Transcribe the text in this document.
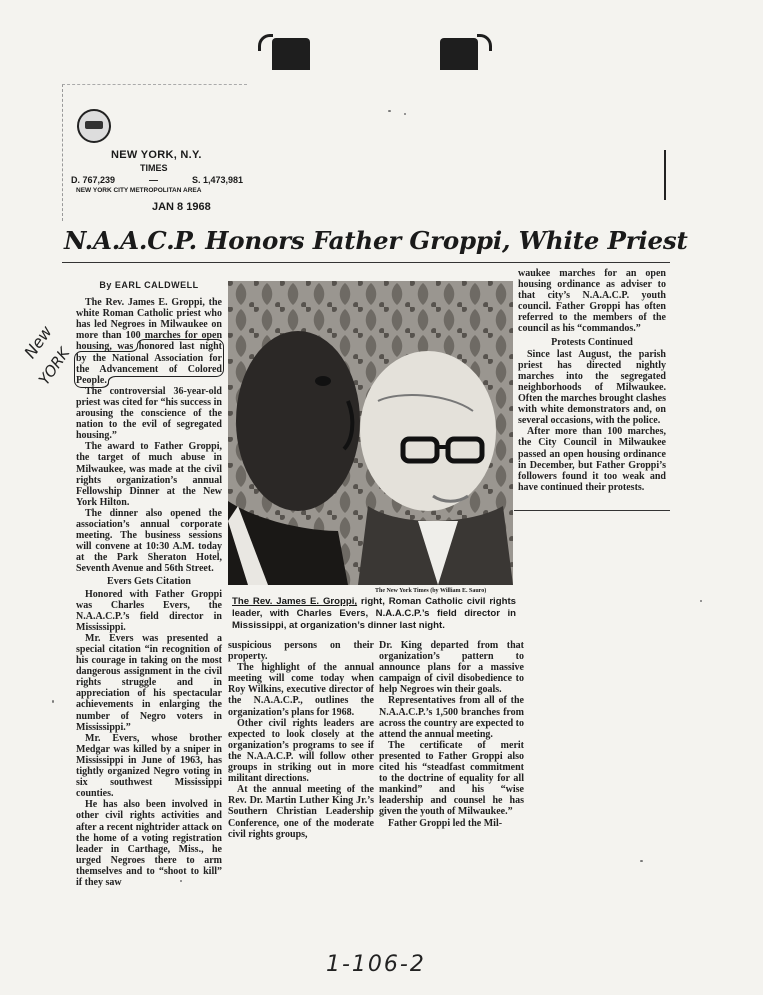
NEW YORK, N.Y.
TIMES
D. 767,239	—	S. 1,473,981
NEW YORK CITY METROPOLITAN AREA
JAN 8 1968
N.A.A.C.P. Honors Father Groppi, White Priest
By EARL CALDWELL

The Rev. James E. Groppi, the white Roman Catholic priest who has led Negroes in Milwaukee on more than 100 marches for open housing, was honored last night by the National Association for the Advancement of Colored People.

The controversial 36-year-old priest was cited for “his success in arousing the conscience of the nation to the evil of segregated housing.”

The award to Father Groppi, the target of much abuse in Milwaukee, was made at the civil rights organization’s annual Fellowship Dinner at the New York Hilton.

The dinner also opened the association’s annual corporate meeting. The business sessions will convene at 10:30 A.M. today at the Park Sheraton Hotel, Seventh Avenue and 56th Street.

Evers Gets Citation

Honored with Father Groppi was Charles Evers, the N.A.A.C.P.’s field director in Mississippi.

Mr. Evers was presented a special citation “in recognition of his courage in taking on the most dangerous assignment in the civil rights struggle and in appreciation of his spectacular achievements in enlarging the number of Negro voters in Mississippi.”

Mr. Evers, whose brother Medgar was killed by a sniper in Mississippi in June of 1963, has tightly organized Negro voting in six southwest Mississippi counties.

He has also been involved in other civil rights activities and after a recent nightrider attack on the home of a voting registration leader in Carthage, Miss., he urged Negroes there to arm themselves and to “shoot to kill” if they saw

The New York Times (by William E. Sauro)
The Rev. James E. Groppi, right, Roman Catholic civil rights leader, with Charles Evers, N.A.A.C.P.’s field director in Mississippi, at organization’s dinner last night.

suspicious persons on their property.

The highlight of the annual meeting will come today when Roy Wilkins, executive director of the N.A.A.C.P., outlines the organization’s plans for 1968.

Other civil rights leaders are expected to look closely at the organization’s programs to see if the N.A.A.C.P. will follow other groups in striking out in more militant directions.

At the annual meeting of the Rev. Dr. Martin Luther King Jr.’s Southern Christian Leadership Conference, one of the moderate civil rights groups,

Dr. King departed from that organization’s pattern to announce plans for a massive campaign of civil disobedience to help Negroes win their goals.

Representatives from all of the N.A.A.C.P.’s 1,500 branches from across the country are expected to attend the annual meeting.

The certificate of merit presented to Father Groppi also cited his “steadfast commitment to the doctrine of equality for all mankind” and his “wise leadership and counsel he has given the youth of Milwaukee.”

Father Groppi led the Mil-

waukee marches for an open housing ordinance as adviser to that city’s N.A.A.C.P. youth council. Father Groppi has often referred to the members of the council as his “commandos.”

Protests Continued

Since last August, the parish priest has directed nightly marches into the segregated neighborhoods of Milwaukee. Often the marches brought clashes with white demonstrators and, on several occasions, with the police.

After more than 100 marches, the City Council in Milwaukee passed an open housing ordinance in December, but Father Groppi’s followers found it too weak and have continued their protests.

New
YORK
1-106-2
